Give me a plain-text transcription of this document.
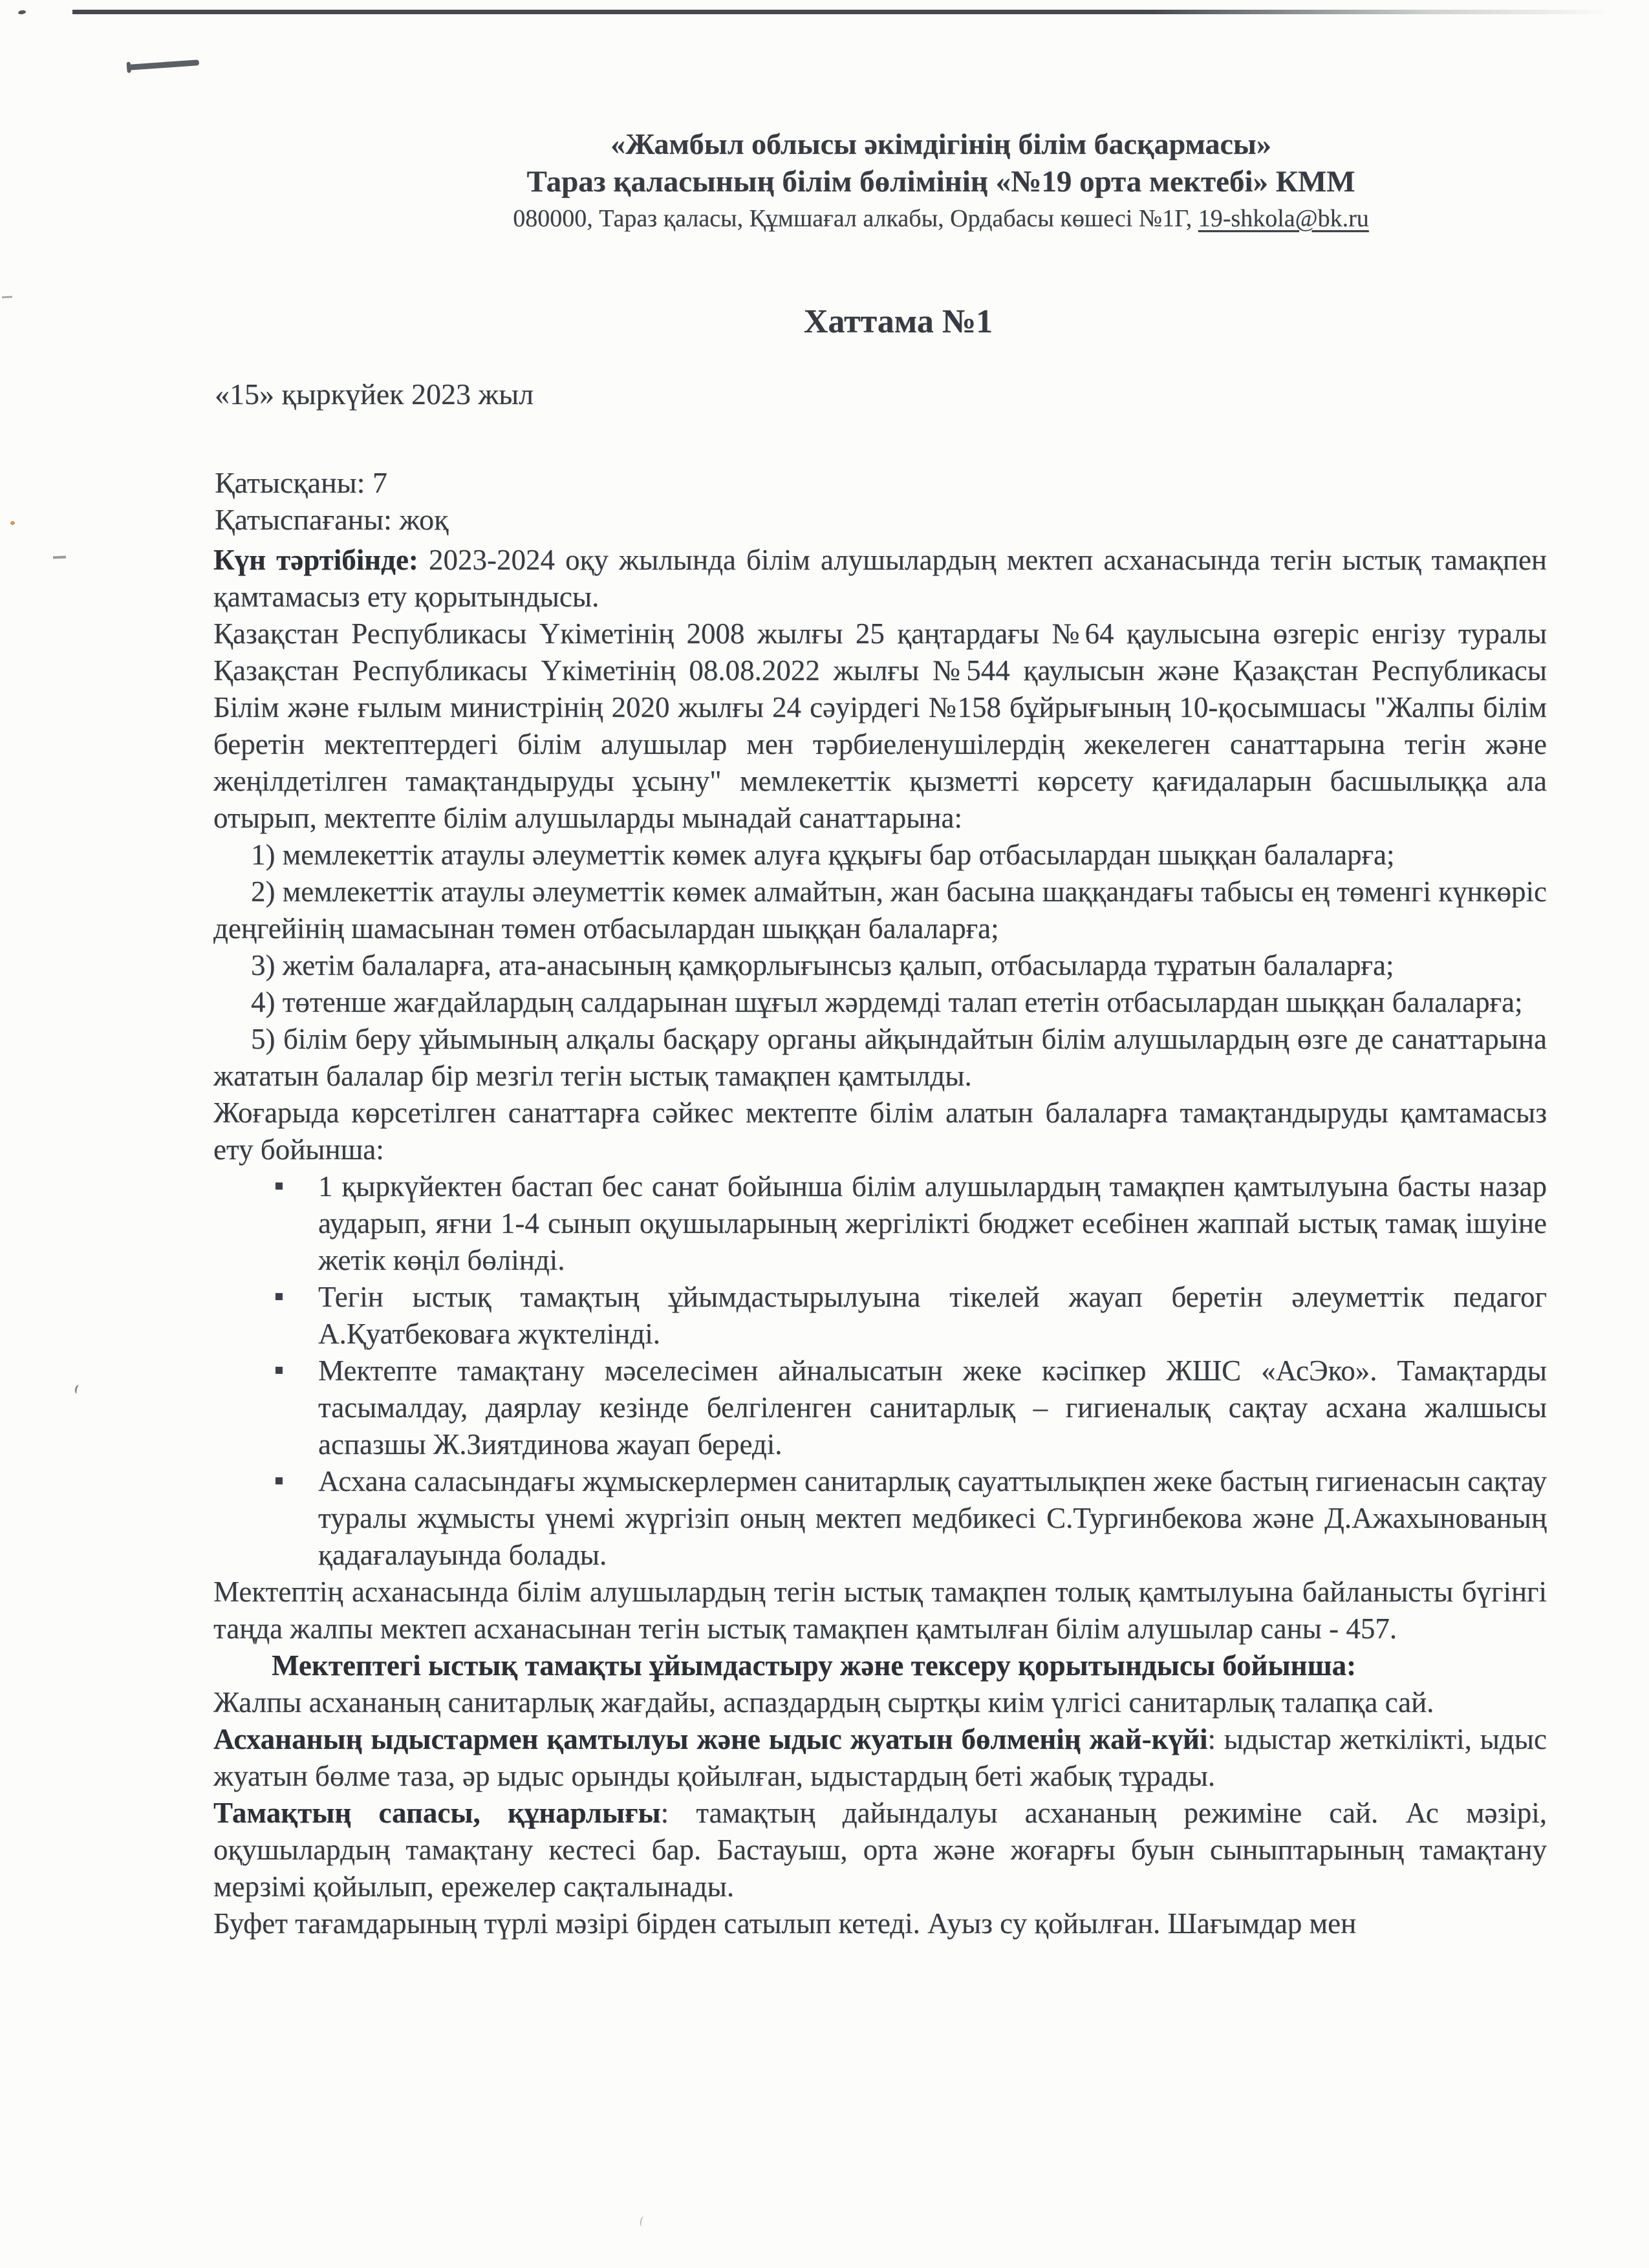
«Жамбыл облысы әкімдігінің білім басқармасы»
Тараз қаласының білім бөлімінің «№19 орта мектебі» КММ
080000, Тараз қаласы, Құмшағал алкабы, Ордабасы көшесі №1Г, 19-shkola@bk.ru
Хаттама №1
«15» қыркүйек 2023 жыл
Қатысқаны: 7
Қатыспағаны: жоқ

Күн тәртібінде: 2023-2024 оқу жылында білім алушылардың мектеп асханасында тегін ыстық тамақпен қамтамасыз ету қорытындысы.

Қазақстан Республикасы Үкіметінің 2008 жылғы 25 қаңтардағы №64 қаулысына өзгеріс енгізу туралы Қазақстан Республикасы Үкіметінің 08.08.2022 жылғы №544 қаулысын және Қазақстан Республикасы Білім және ғылым министрінің 2020 жылғы 24 сәуірдегі №158 бұйрығының 10-қосымшасы "Жалпы білім беретін мектептердегі білім алушылар мен тәрбиеленушілердің жекелеген санаттарына тегін және жеңілдетілген тамақтандыруды ұсыну" мемлекеттік қызметті көрсету қағидаларын басшылыққа ала отырып, мектепте білім алушыларды мынадай санаттарына:

1) мемлекеттік атаулы әлеуметтік көмек алуға құқығы бар отбасылардан шыққан балаларға;

2) мемлекеттік атаулы әлеуметтік көмек алмайтын, жан басына шаққандағы табысы ең төменгі күнкөріс деңгейінің шамасынан төмен отбасылардан шыққан балаларға;

3) жетім балаларға, ата-анасының қамқорлығынсыз қалып, отбасыларда тұратын балаларға;

4) төтенше жағдайлардың салдарынан шұғыл жәрдемді талап ететін отбасылардан шыққан балаларға;

5) білім беру ұйымының алқалы басқару органы айқындайтын білім алушылардың өзге де санаттарына жататын балалар бір мезгіл тегін ыстық тамақпен қамтылды.

Жоғарыда көрсетілген санаттарға сәйкес мектепте білім алатын балаларға тамақтандыруды қамтамасыз ету бойынша:

1 қыркүйектен бастап бес санат бойынша білім алушылардың тамақпен қамтылуына басты назар аударып, яғни 1-4 сынып оқушыларының жергілікті бюджет есебінен жаппай ыстық тамақ ішуіне жетік көңіл бөлінді.
Тегін ыстық тамақтың ұйымдастырылуына тікелей жауап беретін әлеуметтік педагог А.Қуатбековаға жүктелінді.
Мектепте тамақтану мәселесімен айналысатын жеке кәсіпкер ЖШС «АсЭко». Тамақтарды тасымалдау, даярлау кезінде белгіленген санитарлық – гигиеналық сақтау асхана жалшысы аспазшы Ж.Зиятдинова жауап береді.
Асхана саласындағы жұмыскерлермен санитарлық сауаттылықпен жеке бастың гигиенасын сақтау туралы жұмысты үнемі жүргізіп оның мектеп медбикесі С.Тургинбекова және Д.Ажахынованың қадағалауында болады.

Мектептің асханасында білім алушылардың тегін ыстық тамақпен толық қамтылуына байланысты бүгінгі таңда жалпы мектеп асханасынан тегін ыстық тамақпен қамтылған білім алушылар саны - 457.

Мектептегі ыстық тамақты ұйымдастыру және тексеру қорытындысы бойынша:

Жалпы асхананың санитарлық жағдайы, аспаздардың сыртқы киім үлгісі санитарлық талапқа сай.

Асхананың ыдыстармен қамтылуы және ыдыс жуатын бөлменің жай-күйі: ыдыстар жеткілікті, ыдыс жуатын бөлме таза, әр ыдыс орынды қойылған, ыдыстардың беті жабық тұрады.

Тамақтың сапасы, құнарлығы: тамақтың дайындалуы асхананың режиміне сай. Ас мәзірі, оқушылардың тамақтану кестесі бар. Бастауыш, орта және жоғарғы буын сыныптарының тамақтану мерзімі қойылып, ережелер сақталынады.

Буфет тағамдарының түрлі мәзірі бірден сатылып кетеді. Ауыз су қойылған. Шағымдар мен
